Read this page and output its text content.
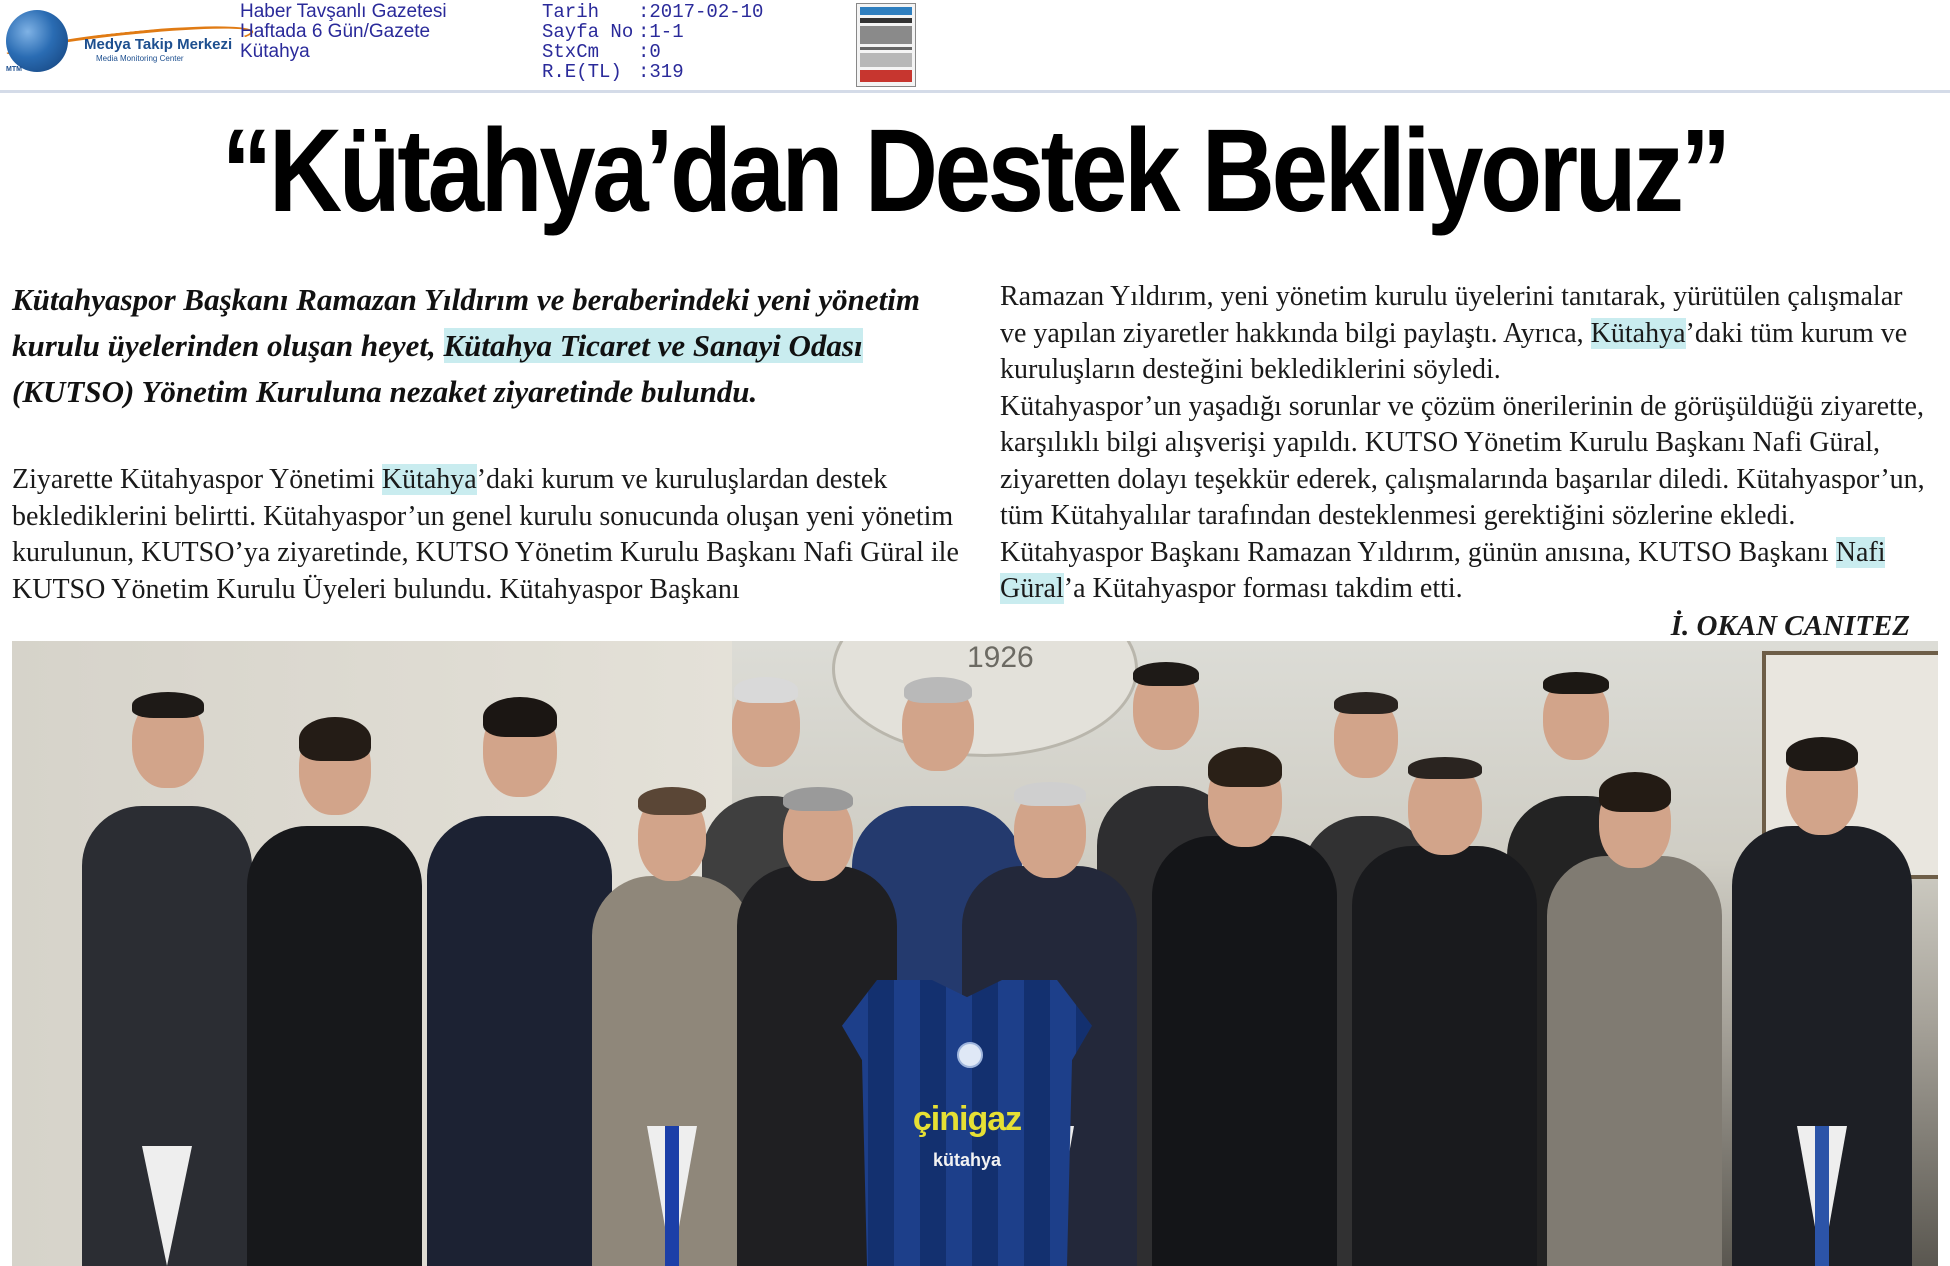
Medya Takip Merkezi
Media Monitoring Center
MTM
Haber Tavşanlı Gazetesi
Haftada 6 Gün/Gazete
Kütahya
Tarih	:2017-02-10
Sayfa No :1-1
StxCm	:0
R.E(TL) :319
“Kütahya’dan Destek Bekliyoruz”
Kütahyaspor Başkanı Ramazan Yıldırım ve beraberindeki yeni yönetim kurulu üyelerinden oluşan heyet, Kütahya Ticaret ve Sanayi Odası (KUTSO) Yönetim Kuruluna nezaket ziyaretinde bulundu.
Ziyarette Kütahyaspor Yönetimi Kütahya’daki kurum ve kuruluşlardan destek beklediklerini belirtti. Kütahyaspor’un genel kurulu sonucunda oluşan yeni yönetim kurulunun, KUTSO’ya ziyaretinde, KUTSO Yönetim Kurulu Başkanı Nafi Güral ile KUTSO Yönetim Kurulu Üyeleri bulundu. Kütahyaspor Başkanı
Ramazan Yıldırım, yeni yönetim kurulu üyelerini tanıtarak, yürütülen çalışmalar ve yapılan ziyaretler hakkında bilgi paylaştı. Ayrıca, Kütahya’daki tüm kurum ve kuruluşların desteğini beklediklerini söyledi.
Kütahyaspor’un yaşadığı sorunlar ve çözüm önerilerinin de görüşüldüğü ziyarette, karşılıklı bilgi alışverişi yapıldı. KUTSO Yönetim Kurulu Başkanı Nafi Güral, ziyaretten dolayı teşekkür ederek, çalışmalarında başarılar diledi. Kütahyaspor’un, tüm Kütahyalılar tarafından desteklenmesi gerektiğini sözlerine ekledi. Kütahyaspor Başkanı Ramazan Yıldırım, günün anısına, KUTSO Başkanı Nafi Güral’a Kütahyaspor forması takdim etti.
İ. OKAN CANITEZ
1926
çinigaz
kütahya
